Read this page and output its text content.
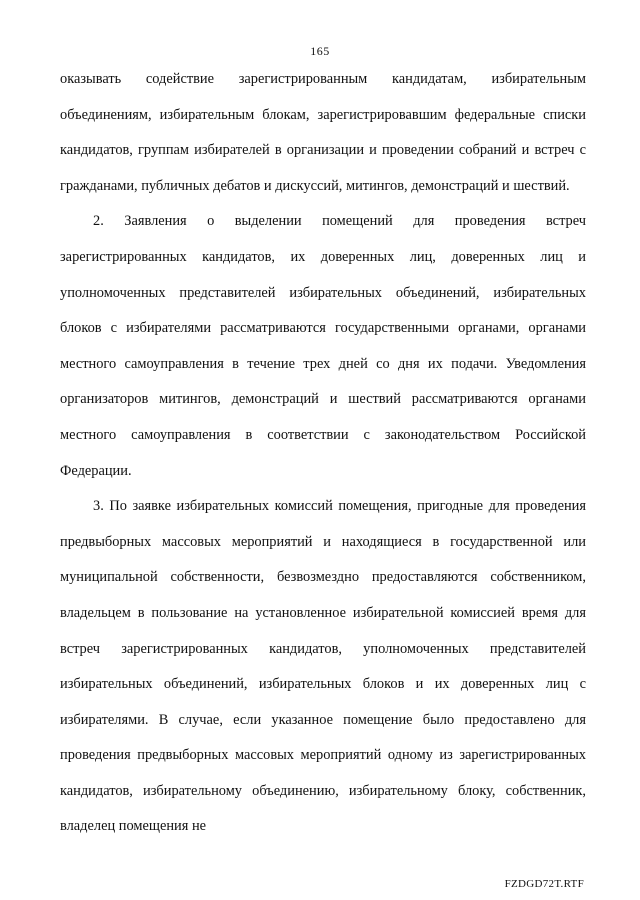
165

оказывать содействие зарегистрированным кандидатам, избирательным объединениям, избирательным блокам, зарегистрировавшим федеральные списки кандидатов, группам избирателей в организации и проведении собраний и встреч с гражданами, публичных дебатов и дискуссий, митингов, демонстраций и шествий.

2. Заявления о выделении помещений для проведения встреч зарегистрированных кандидатов, их доверенных лиц, доверенных лиц и уполномоченных представителей избирательных объединений, избирательных блоков с избирателями рассматриваются государственными органами, органами местного самоуправления в течение трех дней со дня их подачи. Уведомления организаторов митингов, демонстраций и шествий рассматриваются органами местного самоуправления в соответствии с законодательством Российской Федерации.

3. По заявке избирательных комиссий помещения, пригодные для проведения предвыборных массовых мероприятий и находящиеся в государственной или муниципальной собственности, безвозмездно предоставляются собственником, владельцем в пользование на установленное избирательной комиссией время для встреч зарегистрированных кандидатов, уполномоченных представителей избирательных объединений, избирательных блоков и их доверенных лиц с избирателями. В случае, если указанное помещение было предоставлено для проведения предвыборных массовых мероприятий одному из зарегистрированных кандидатов, избирательному объединению, избирательному блоку, собственник, владелец помещения не

FZDGD72T.RTF
